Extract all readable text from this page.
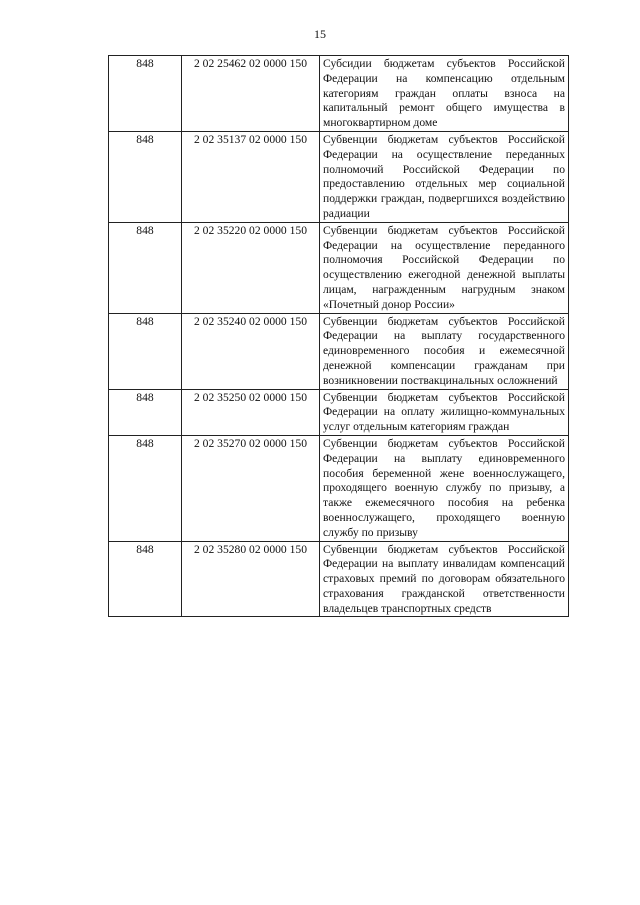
15
848	2 02 25462 02 0000 150	Субсидии бюджетам субъектов Российской Федерации на компенсацию отдельным категориям граждан оплаты взноса на капитальный ремонт общего имущества в многоквартирном доме
848	2 02 35137 02 0000 150	Субвенции бюджетам субъектов Российской Федерации на осуществление переданных полномочий Российской Федерации по предоставлению отдельных мер социальной поддержки граждан, подвергшихся воздействию радиации
848	2 02 35220 02 0000 150	Субвенции бюджетам субъектов Российской Федерации на осуществление переданного полномочия Российской Федерации по осуществлению ежегодной денежной выплаты лицам, награжденным нагрудным знаком «Почетный донор России»
848	2 02 35240 02 0000 150	Субвенции бюджетам субъектов Российской Федерации на выплату государственного единовременного пособия и ежемесячной денежной компенсации гражданам при возникновении поствакцинальных осложнений
848	2 02 35250 02 0000 150	Субвенции бюджетам субъектов Российской Федерации на оплату жилищно-коммунальных услуг отдельным категориям граждан
848	2 02 35270 02 0000 150	Субвенции бюджетам субъектов Российской Федерации на выплату единовременного пособия беременной жене военнослужащего, проходящего военную службу по призыву, а также ежемесячного пособия на ребенка военнослужащего, проходящего военную службу по призыву
848	2 02 35280 02 0000 150	Субвенции бюджетам субъектов Российской Федерации на выплату инвалидам компенсаций страховых премий по договорам обязательного страхования гражданской ответственности владельцев транспортных средств
